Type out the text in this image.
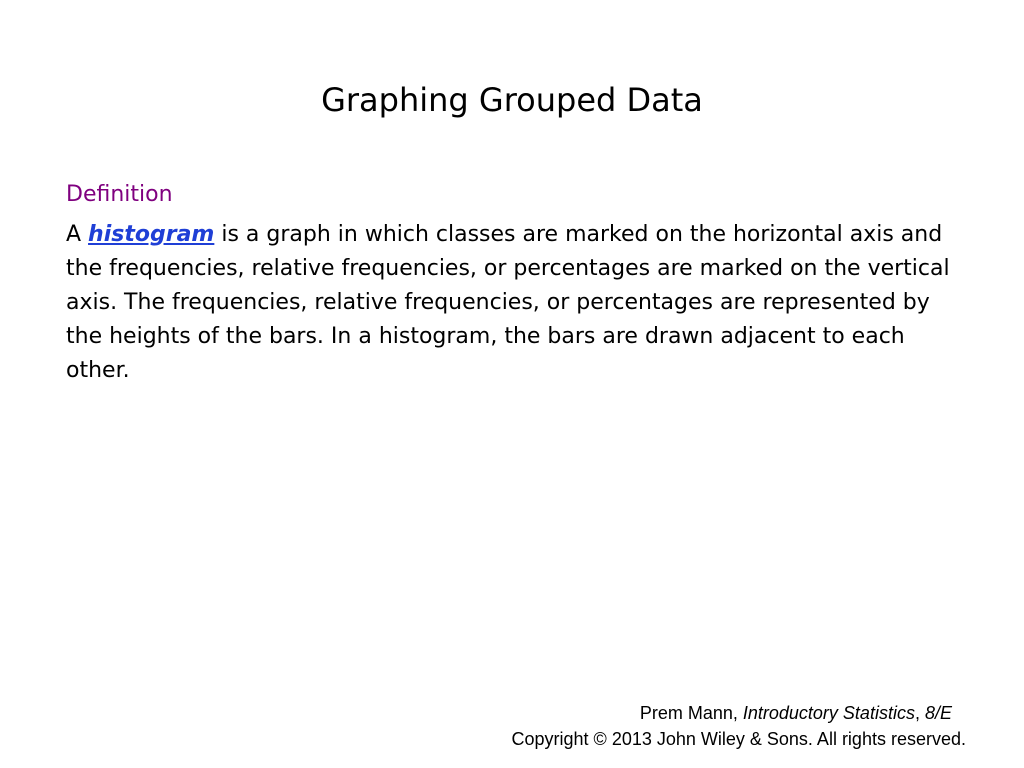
Graphing Grouped Data
Definition
A histogram is a graph in which classes are marked on the horizontal axis and the frequencies, relative frequencies, or percentages are marked on the vertical axis. The frequencies, relative frequencies, or percentages are represented by the heights of the bars. In a histogram, the bars are drawn adjacent to each other.
Prem Mann, Introductory Statistics, 8/E
Copyright © 2013 John Wiley & Sons. All rights reserved.
